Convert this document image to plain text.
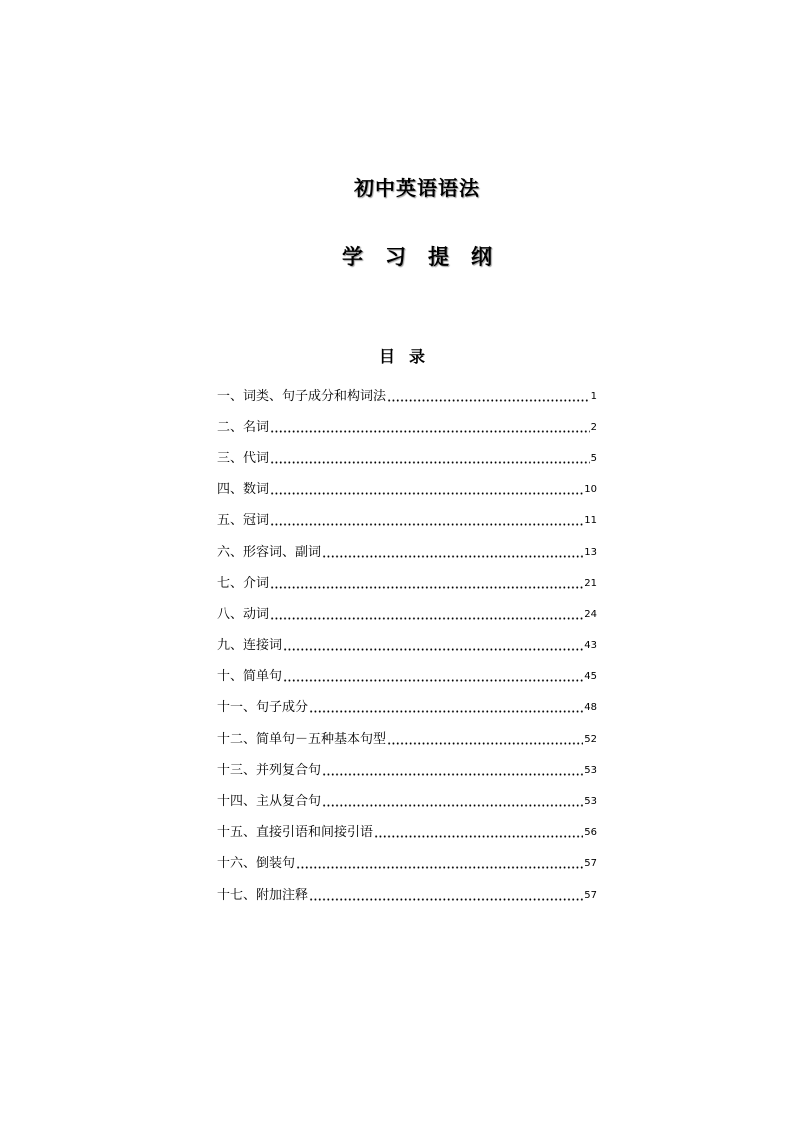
初中英语语法
学习提纲
目录
一、词类、句子成分和构词法	1
二、名词	2
三、代词	5
四、数词	10
五、冠词	11
六、形容词、副词	13
七、介词	21
八、动词	24
九、连接词	43
十、简单句	45
十一、句子成分	48
十二、简单句－五种基本句型	52
十三、并列复合句	53
十四、主从复合句	53
十五、直接引语和间接引语	56
十六、倒装句	57
十七、附加注释	57
